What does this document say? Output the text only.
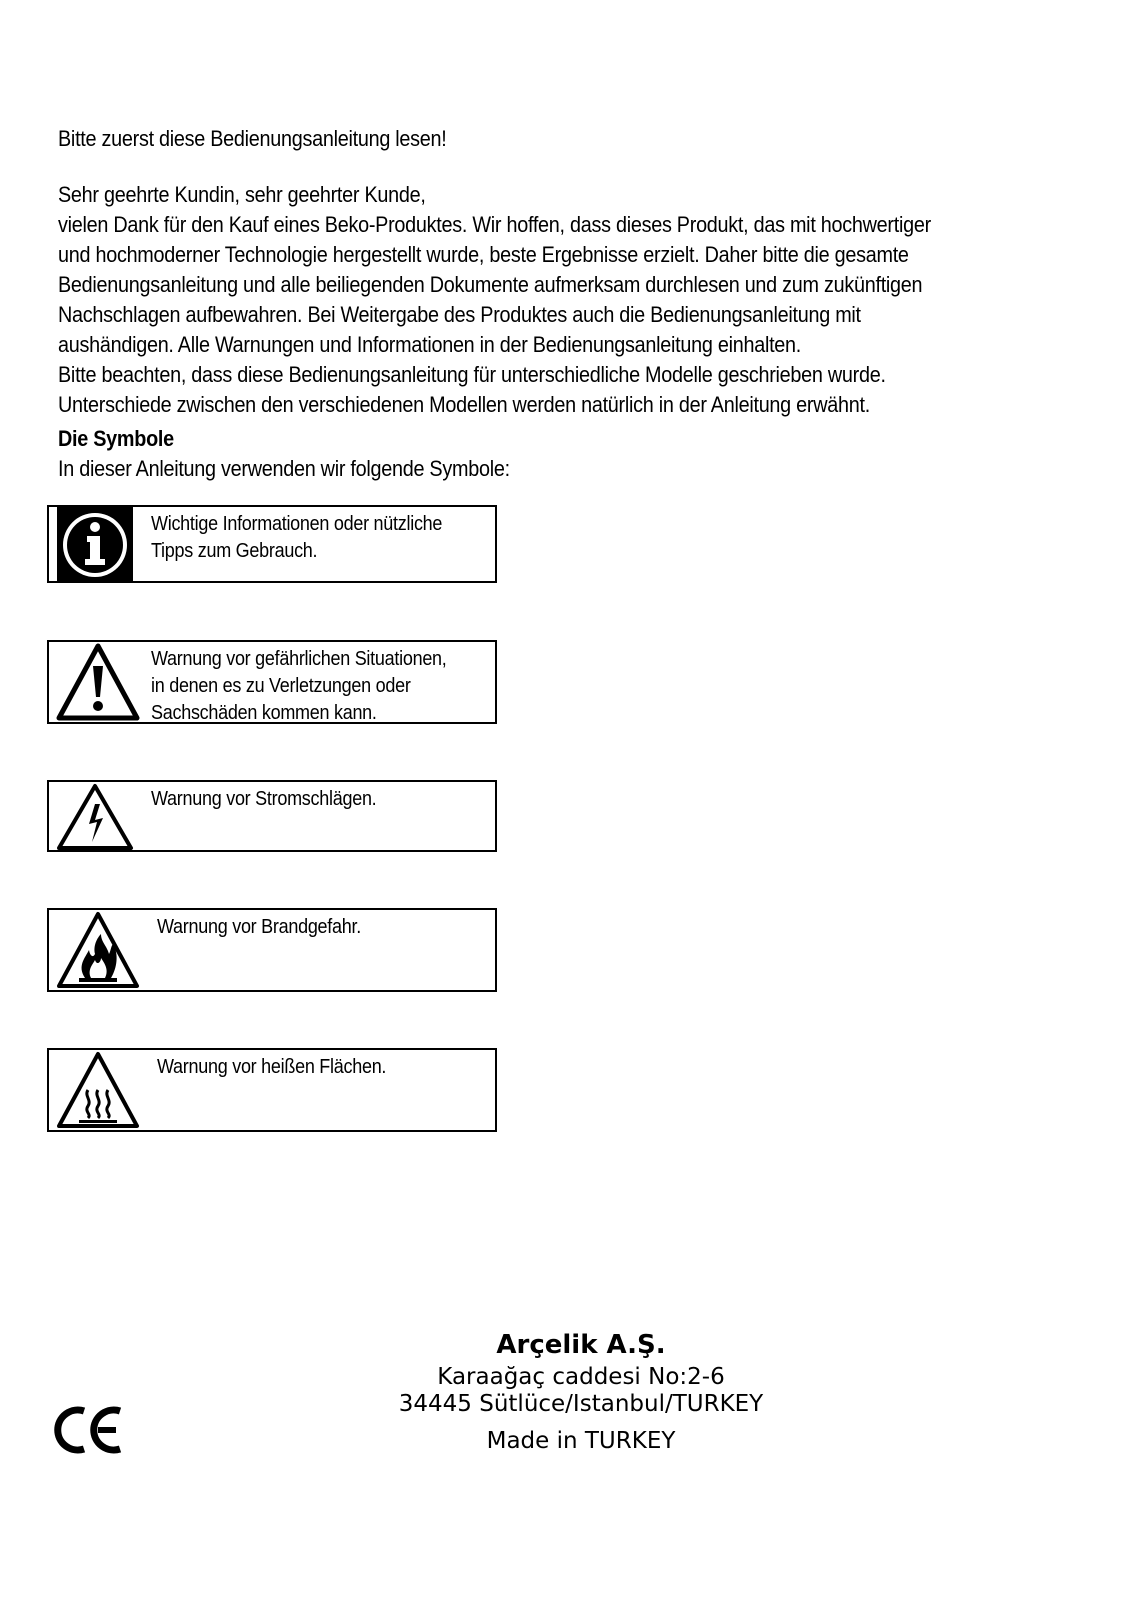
Bitte zuerst diese Bedienungsanleitung lesen!

Sehr geehrte Kundin, sehr geehrter Kunde,

vielen Dank für den Kauf eines Beko-Produktes. Wir hoffen, dass dieses Produkt, das mit hochwertiger

und hochmoderner Technologie hergestellt wurde, beste Ergebnisse erzielt. Daher bitte die gesamte

Bedienungsanleitung und alle beiliegenden Dokumente aufmerksam durchlesen und zum zukünftigen

Nachschlagen aufbewahren. Bei Weitergabe des Produktes auch die Bedienungsanleitung mit

aushändigen. Alle Warnungen und Informationen in der Bedienungsanleitung einhalten.

Bitte beachten, dass diese Bedienungsanleitung für unterschiedliche Modelle geschrieben wurde.

Unterschiede zwischen den verschiedenen Modellen werden natürlich in der Anleitung erwähnt.

Die Symbole
In dieser Anleitung verwenden wir folgende Symbole:
Wichtige Informationen oder nützliche
Tipps zum Gebrauch.
Warnung vor gefährlichen Situationen,
in denen es zu Verletzungen oder
Sachschäden kommen kann.
Warnung vor Stromschlägen.
Warnung vor Brandgefahr.
Warnung vor heißen Flächen.
Arçelik A.Ş.
Karaağaç caddesi No:2-6
34445 Sütlüce/Istanbul/TURKEY
Made in TURKEY
